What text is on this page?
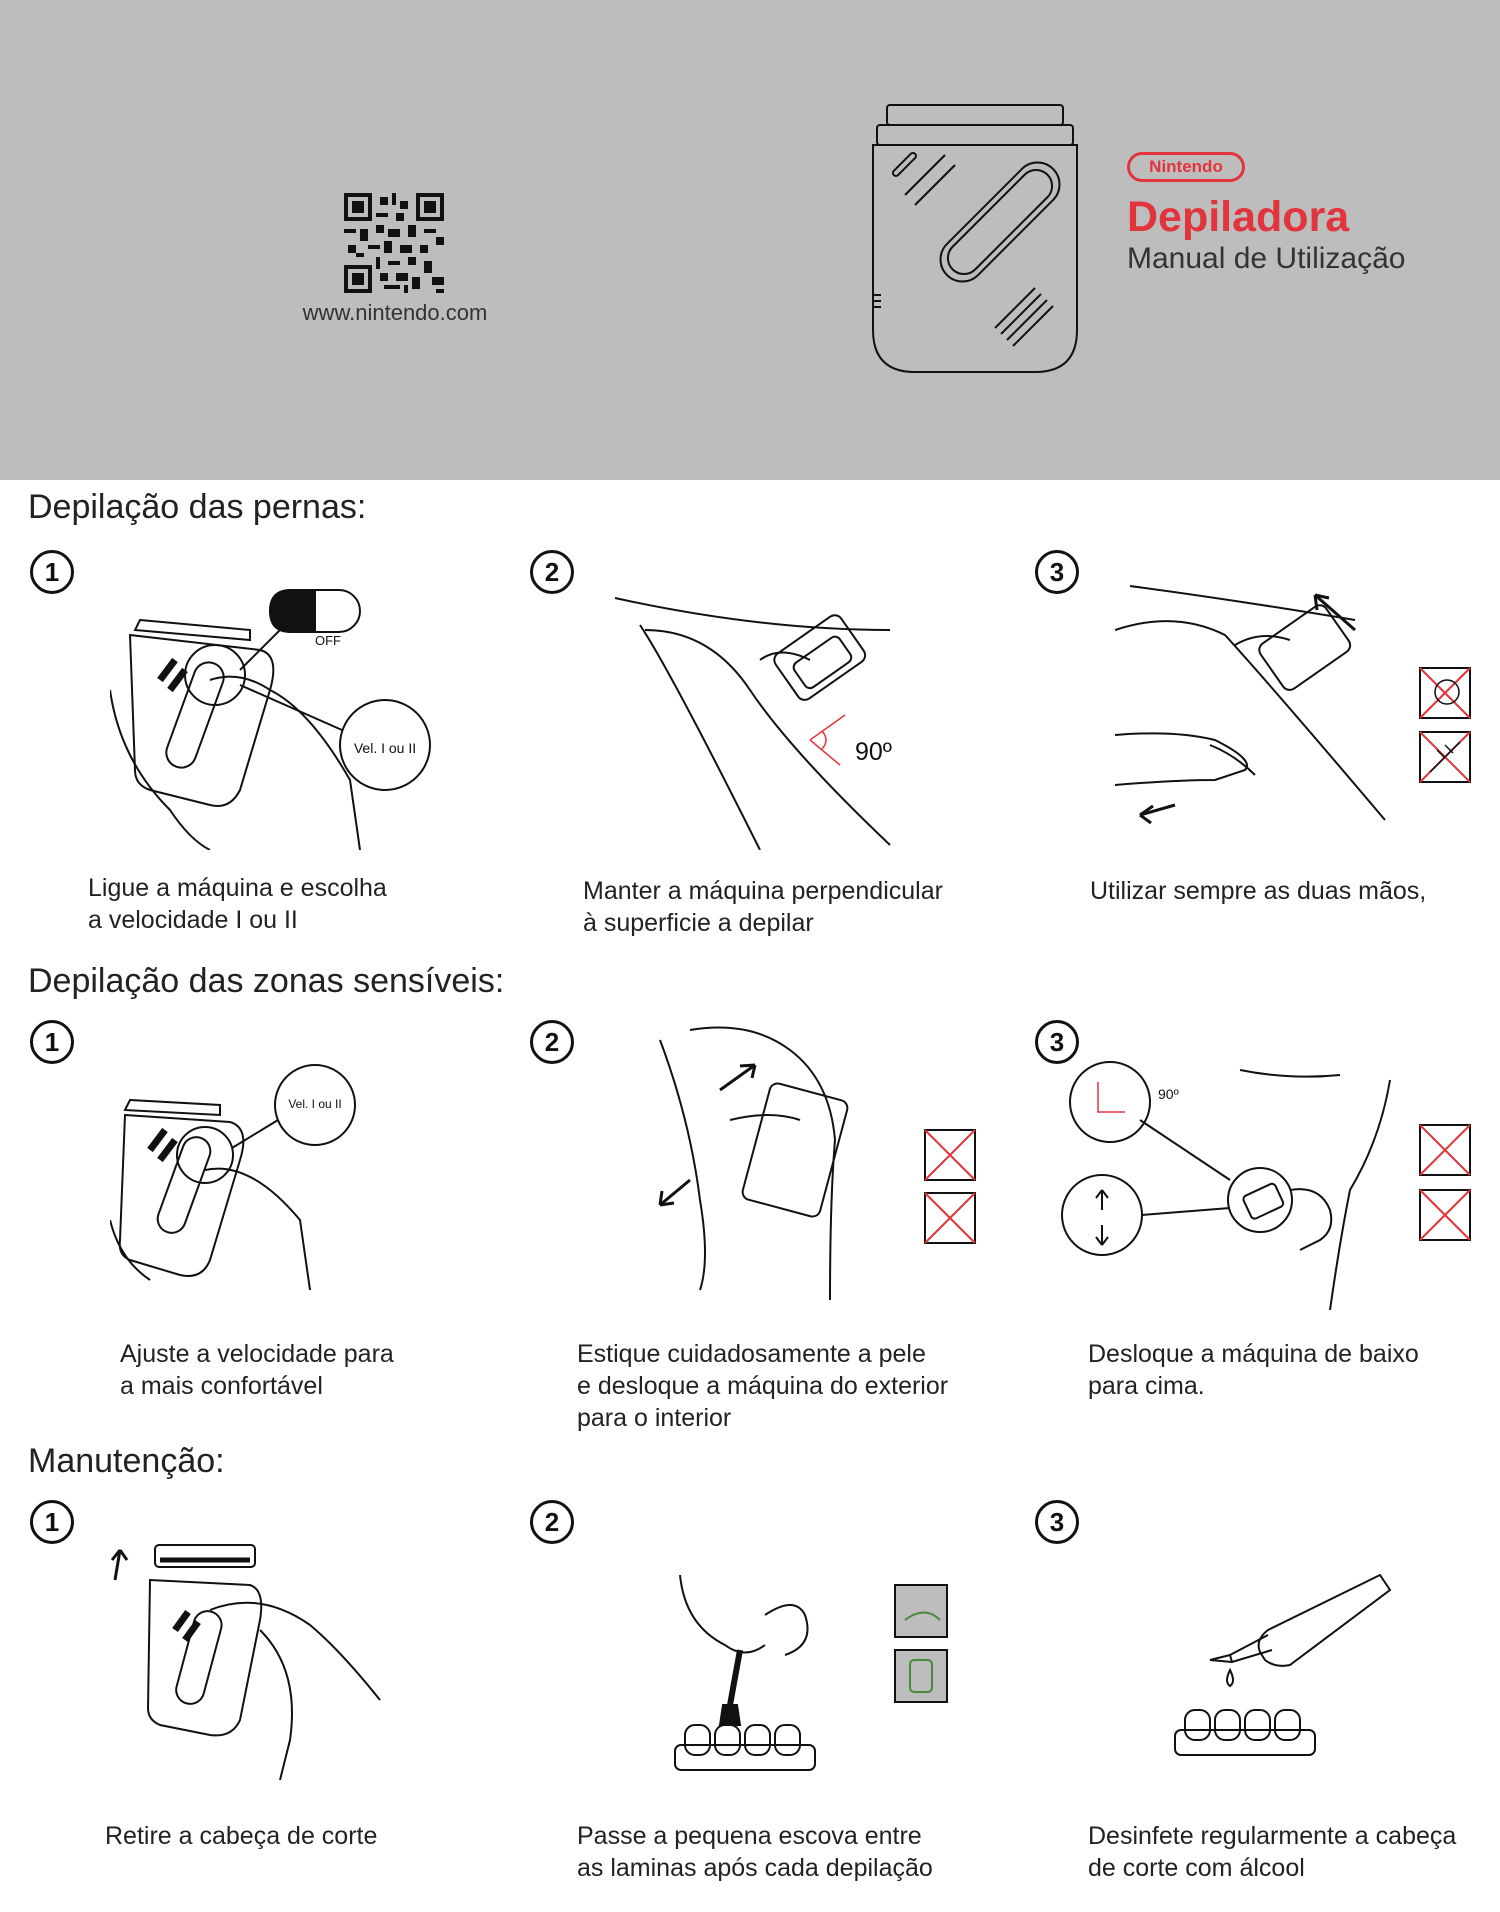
www.nintendo.com
Nintendo
Depiladora
Manual de Utilização
Depilação das pernas:
1	2	3
ON OFF
Vel. I ou II	90º
Ligue a máquina e escolha
a velocidade I ou II
Manter a máquina perpendicular
à superficie a depilar
Utilizar sempre as duas mãos,
Depilação das zonas sensíveis:
1	2	3
Vel. I ou II
90º
Ajuste a velocidade para
a mais confortável
Estique cuidadosamente a pele
e desloque a máquina do exterior
para o interior
Desloque a máquina de baixo
para cima.
Manutenção:
1	2	3
Retire a cabeça de corte	Passe a pequena escova entre
as laminas após cada depilação
Desinfete regularmente a cabeça
de corte com álcool
